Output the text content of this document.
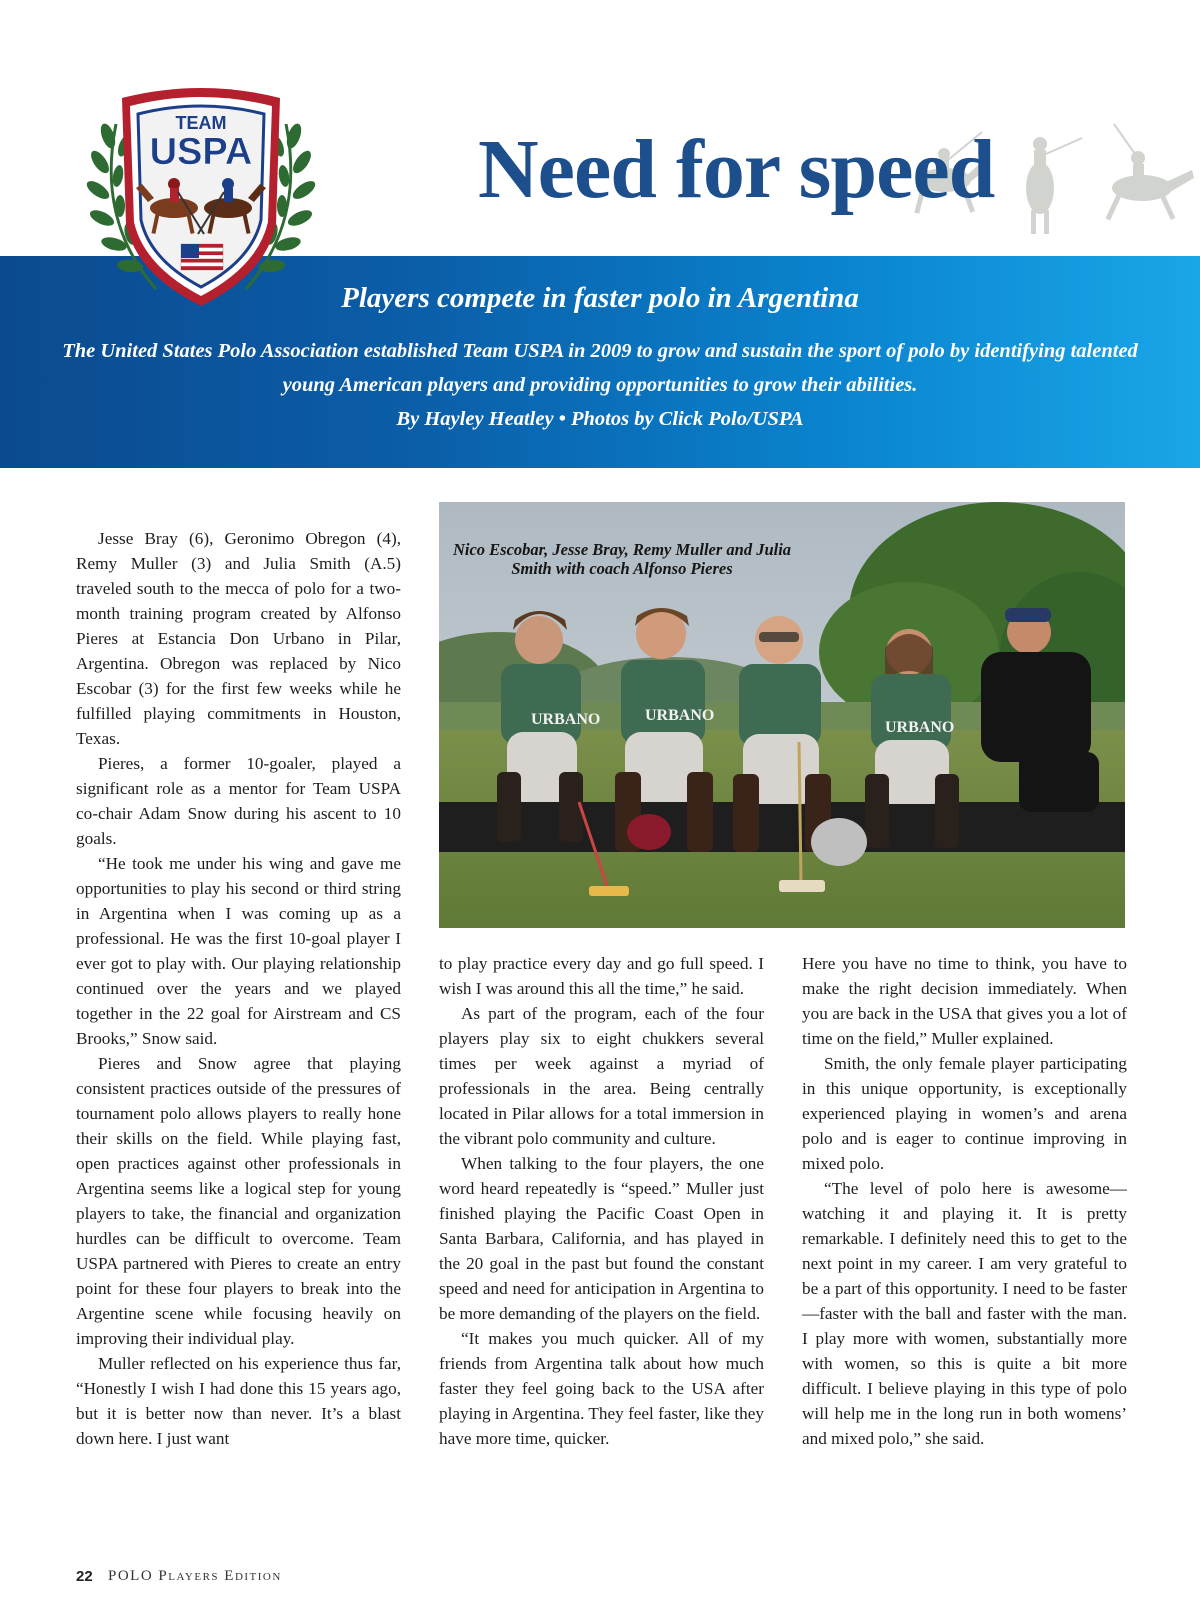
Need for speed
Players compete in faster polo in Argentina
The United States Polo Association established Team USPA in 2009 to grow and sustain the sport of polo by identifying talented young American players and providing opportunities to grow their abilities.
By Hayley Heatley • Photos by Click Polo/USPA
TEAM
USPA

Jesse Bray (6), Geronimo Obregon (4), Remy Muller (3) and Julia Smith (A.5) traveled south to the mecca of polo for a two-month training program created by Alfonso Pieres at Estancia Don Urbano in Pilar, Argentina. Obregon was replaced by Nico Escobar (3) for the first few weeks while he fulfilled playing commitments in Houston, Texas.

Pieres, a former 10-goaler, played a significant role as a mentor for Team USPA co-chair Adam Snow during his ascent to 10 goals.

“He took me under his wing and gave me opportunities to play his second or third string in Argentina when I was coming up as a professional. He was the first 10-goal player I ever got to play with. Our playing relationship continued over the years and we played together in the 22 goal for Airstream and CS Brooks,” Snow said.

Pieres and Snow agree that playing consistent practices outside of the pressures of tournament polo allows players to really hone their skills on the field. While playing fast, open practices against other professionals in Argentina seems like a logical step for young players to take, the financial and organization hurdles can be difficult to overcome. Team USPA partnered with Pieres to create an entry point for these four players to break into the Argentine scene while focusing heavily on improving their individual play.

Muller reflected on his experience thus far, “Honestly I wish I had done this 15 years ago, but it is better now than never. It’s a blast down here. I just want

URBANO	URBANO
URBANO
Nico Escobar, Jesse Bray, Remy Muller and Julia Smith with coach Alfonso Pieres

to play practice every day and go full speed. I wish I was around this all the time,” he said.

As part of the program, each of the four players play six to eight chukkers several times per week against a myriad of professionals in the area. Being centrally located in Pilar allows for a total immersion in the vibrant polo community and culture.

When talking to the four players, the one word heard repeatedly is “speed.” Muller just finished playing the Pacific Coast Open in Santa Barbara, California, and has played in the 20 goal in the past but found the constant speed and need for anticipation in Argentina to be more demanding of the players on the field.

“It makes you much quicker. All of my friends from Argentina talk about how much faster they feel going back to the USA after playing in Argentina. They feel faster, like they have more time, quicker.

Here you have no time to think, you have to make the right decision immediately. When you are back in the USA that gives you a lot of time on the field,” Muller explained.

Smith, the only female player participating in this unique opportunity, is exceptionally experienced playing in women’s and arena polo and is eager to continue improving in mixed polo.

“The level of polo here is awesome—watching it and playing it. It is pretty remarkable. I definitely need this to get to the next point in my career. I am very grateful to be a part of this opportunity. I need to be faster—faster with the ball and faster with the man. I play more with women, substantially more with women, so this is quite a bit more difficult. I believe playing in this type of polo will help me in the long run in both womens’ and mixed polo,” she said.

22 POLO Players Edition
